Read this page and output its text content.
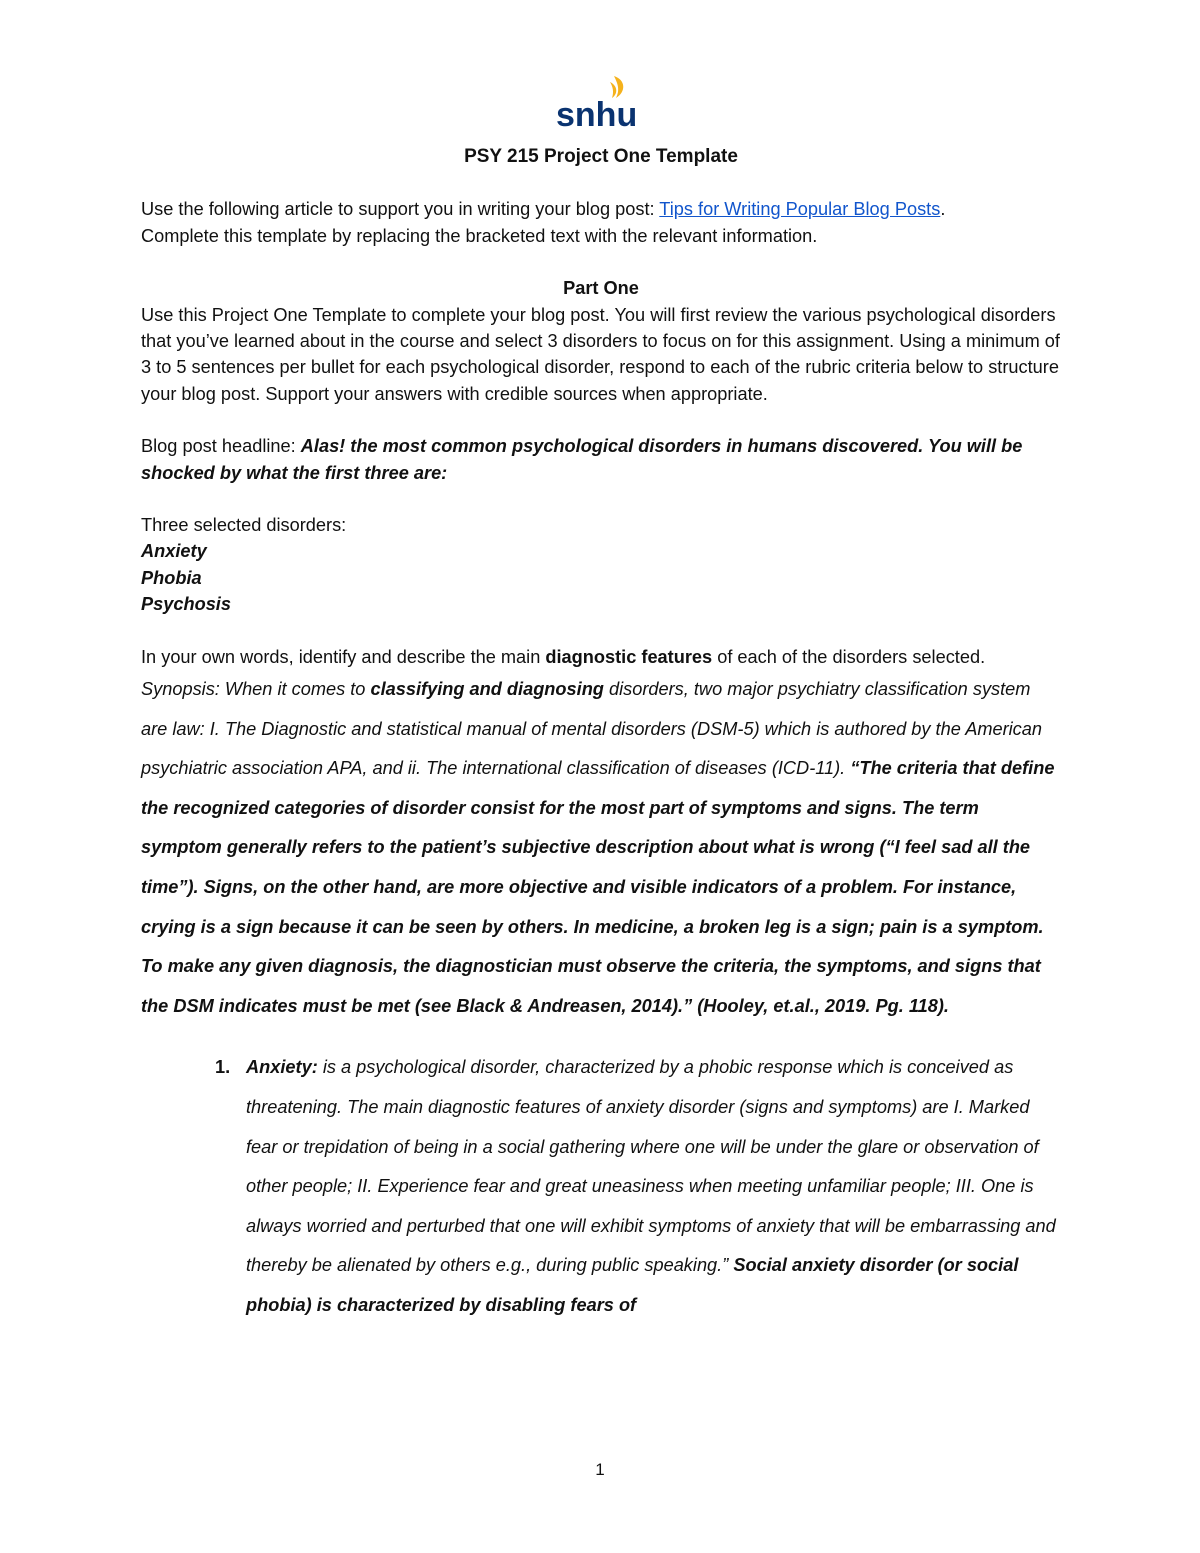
snhu

PSY 215 Project One Template

Use the following article to support you in writing your blog post: Tips for Writing Popular Blog Posts.

Complete this template by replacing the bracketed text with the relevant information.

Part One

Use this Project One Template to complete your blog post. You will first review the various psychological disorders that you’ve learned about in the course and select 3 disorders to focus on for this assignment. Using a minimum of 3 to 5 sentences per bullet for each psychological disorder, respond to each of the rubric criteria below to structure your blog post. Support your answers with credible sources when appropriate.

Blog post headline: Alas! the most common psychological disorders in humans discovered. You will be shocked by what the first three are:

Three selected disorders:

Anxiety

Phobia

Psychosis

In your own words, identify and describe the main diagnostic features of each of the disorders selected.

Synopsis: When it comes to classifying and diagnosing disorders, two major psychiatry classification system are law: I. The Diagnostic and statistical manual of mental disorders (DSM-5) which is authored by the American psychiatric association APA, and ii. The international classification of diseases (ICD-11). “The criteria that define the recognized categories of disorder consist for the most part of symptoms and signs. The term symptom generally refers to the patient’s subjective description about what is wrong (“I feel sad all the time”). Signs, on the other hand, are more objective and visible indicators of a problem. For instance, crying is a sign because it can be seen by others. In medicine, a broken leg is a sign; pain is a symptom. To make any given diagnosis, the diagnostician must observe the criteria, the symptoms, and signs that the DSM indicates must be met (see Black & Andreasen, 2014).” (Hooley, et.al., 2019. Pg. 118).

1. Anxiety: is a psychological disorder, characterized by a phobic response which is conceived as threatening. The main diagnostic features of anxiety disorder (signs and symptoms) are I. Marked fear or trepidation of being in a social gathering where one will be under the glare or observation of other people; II. Experience fear and great uneasiness when meeting unfamiliar people; III. One is always worried and perturbed that one will exhibit symptoms of anxiety that will be embarrassing and thereby be alienated by others e.g., during public speaking.” Social anxiety disorder (or social phobia) is characterized by disabling fears of
1
